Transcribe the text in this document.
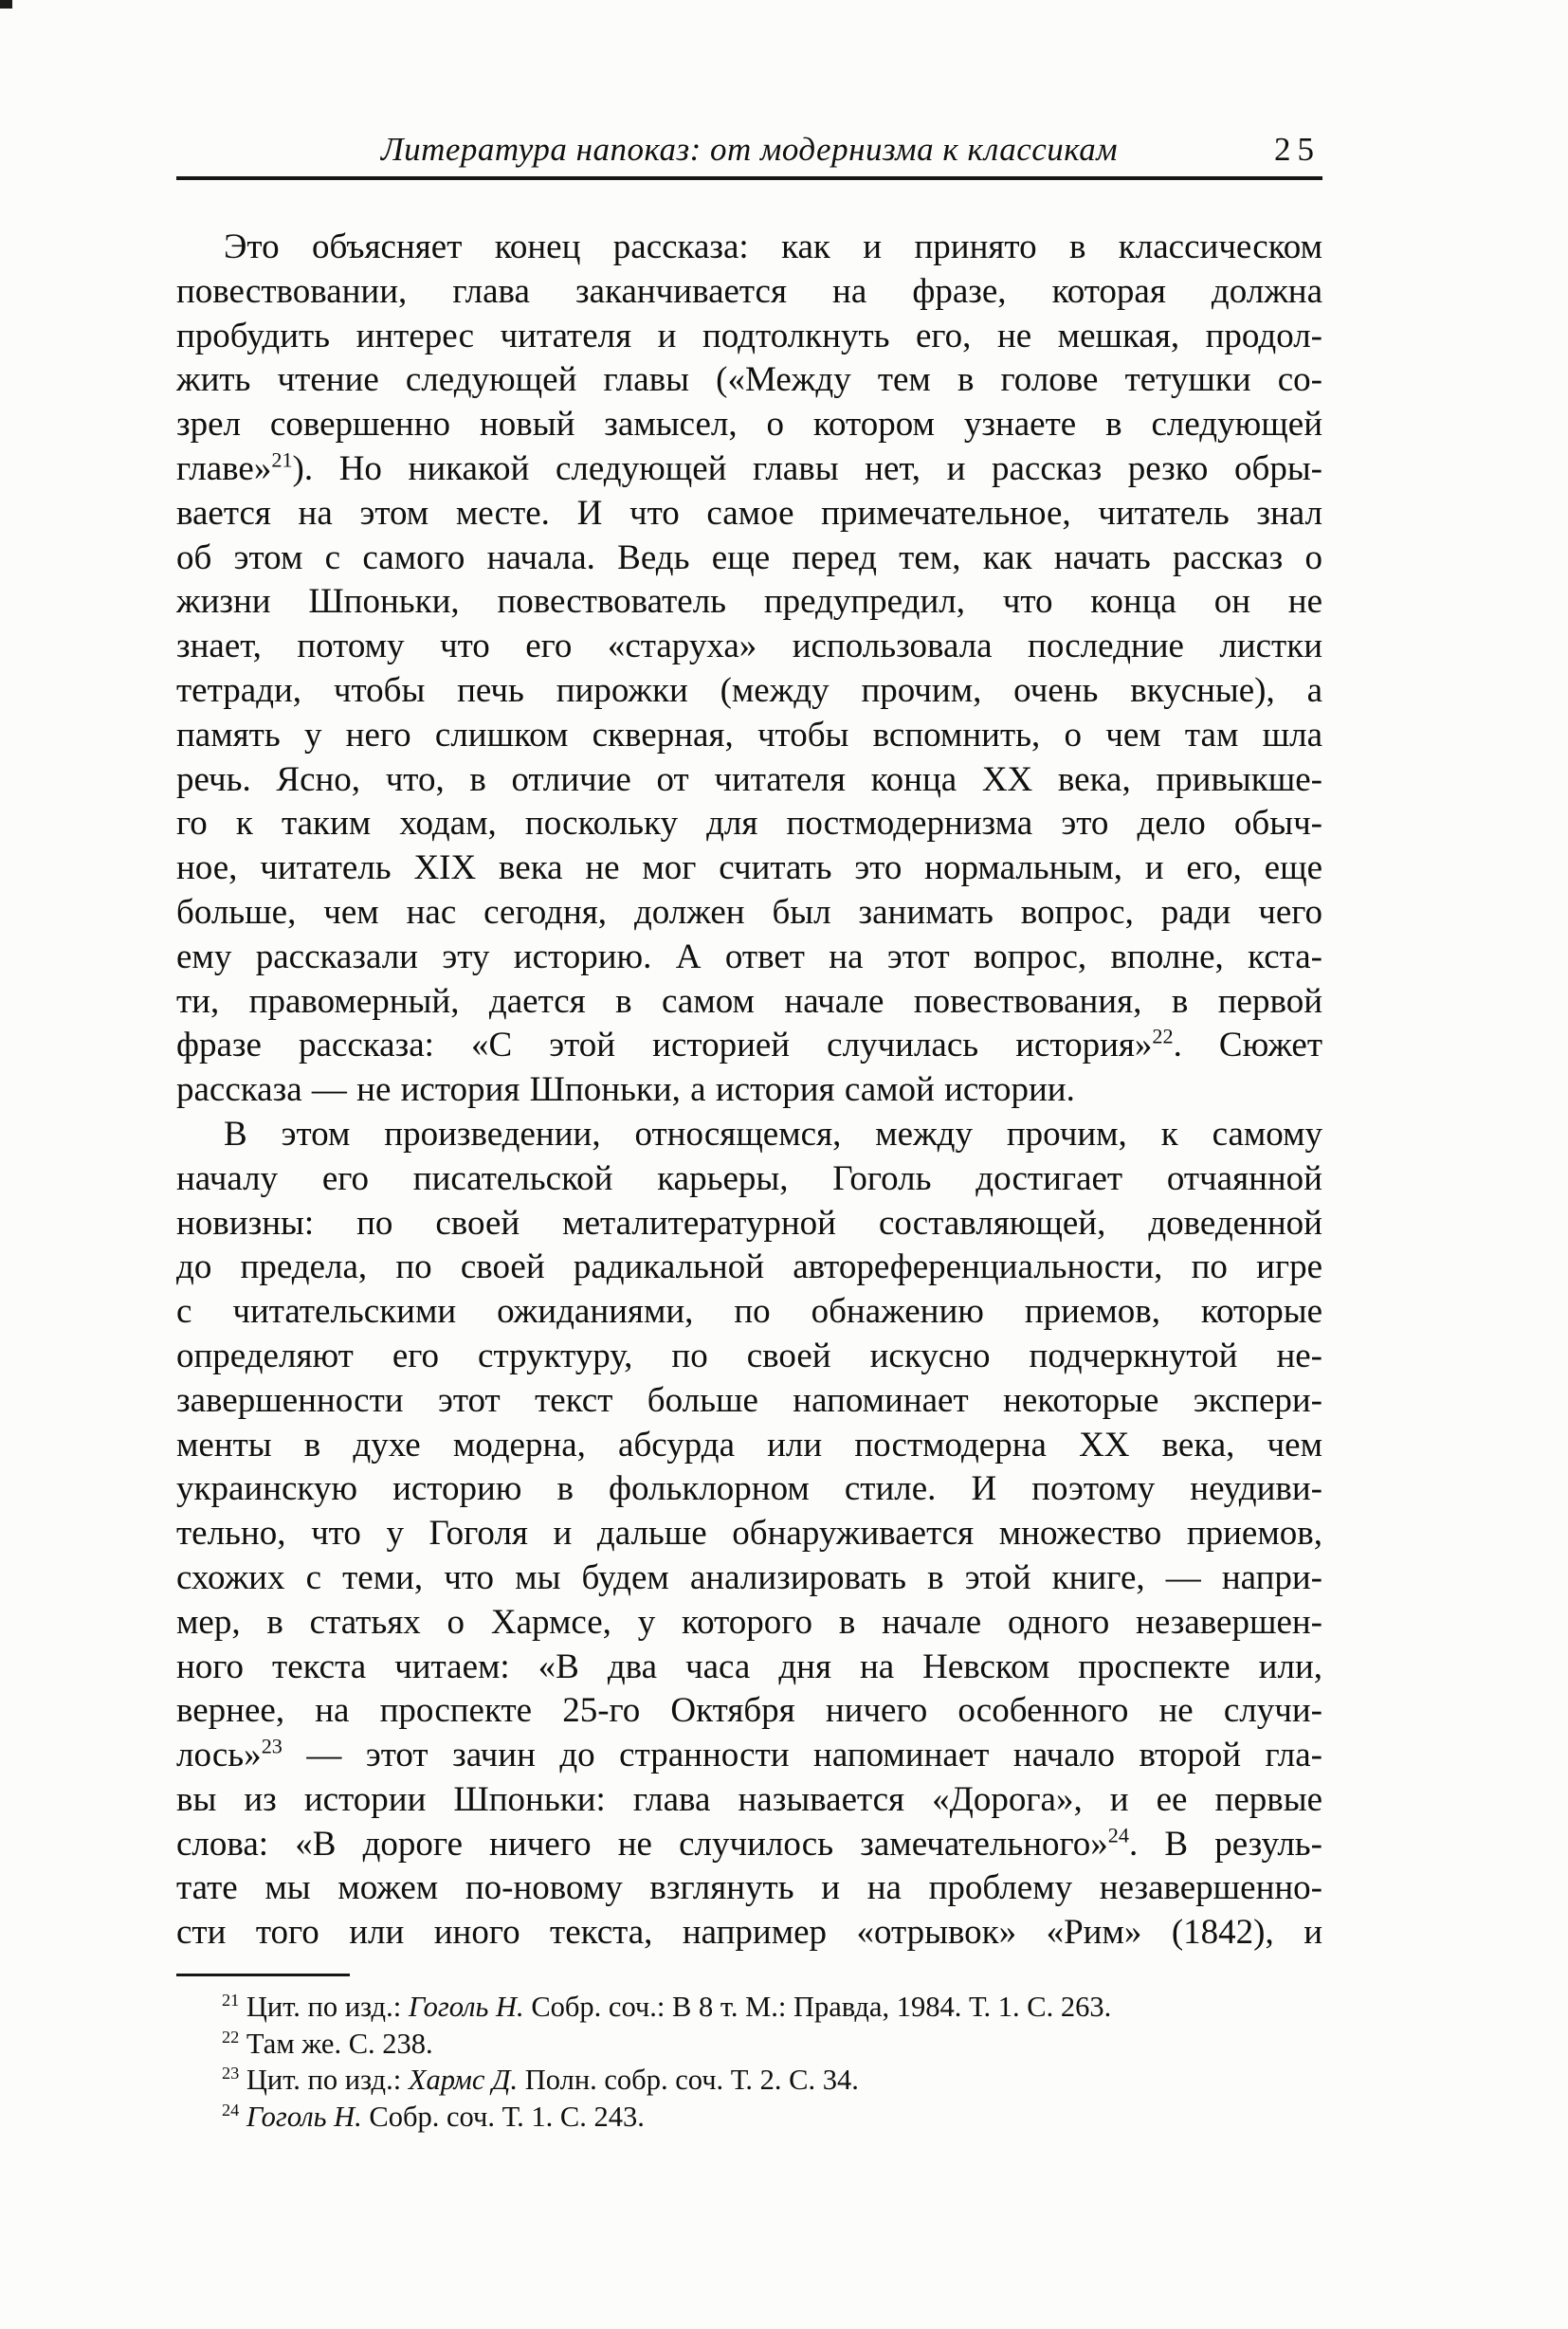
Литература напоказ: от модернизма к классикам	25
Это объясняет конец рассказа: как и принято в классическом
повествовании, глава заканчивается на фразе, которая должна
пробудить интерес читателя и подтолкнуть его, не мешкая, продол-
жить чтение следующей главы («Между тем в голове тетушки со-
зрел совершенно новый замысел, о котором узнаете в следующей
главе»$^{21}$). Но никакой следующей главы нет, и рассказ резко обры-
вается на этом месте. И что самое примечательное, читатель знал
об этом с самого начала. Ведь еще перед тем, как начать рассказ о
жизни Шпоньки, повествователь предупредил, что конца он не
знает, потому что его «старуха» использовала последние листки
тетради, чтобы печь пирожки (между прочим, очень вкусные), а
память у него слишком скверная, чтобы вспомнить, о чем там шла
речь. Ясно, что, в отличие от читателя конца XX века, привыкше-
го к таким ходам, поскольку для постмодернизма это дело обыч-
ное, читатель XIX века не мог считать это нормальным, и его, еще
больше, чем нас сегодня, должен был занимать вопрос, ради чего
ему рассказали эту историю. А ответ на этот вопрос, вполне, кста-
ти, правомерный, дается в самом начале повествования, в первой
фразе рассказа: «С этой историей случилась история»$^{22}$. Сюжет
рассказа — не история Шпоньки, а история самой истории.
В этом произведении, относящемся, между прочим, к самому
началу его писательской карьеры, Гоголь достигает отчаянной
новизны: по своей металитературной составляющей, доведенной
до предела, по своей радикальной автореференциальности, по игре
с читательскими ожиданиями, по обнажению приемов, которые
определяют его структуру, по своей искусно подчеркнутой не-
завершенности этот текст больше напоминает некоторые экспери-
менты в духе модерна, абсурда или постмодерна XX века, чем
украинскую историю в фольклорном стиле. И поэтому неудиви-
тельно, что у Гоголя и дальше обнаруживается множество приемов,
схожих с теми, что мы будем анализировать в этой книге, — напри-
мер, в статьях о Хармсе, у которого в начале одного незавершен-
ного текста читаем: «В два часа дня на Невском проспекте или,
вернее, на проспекте 25-го Октября ничего особенного не случи-
лось»$^{23}$ — этот зачин до странности напоминает начало второй гла-
вы из истории Шпоньки: глава называется «Дорога», и ее первые
слова: «В дороге ничего не случилось замечательного»$^{24}$. В резуль-
тате мы можем по-новому взглянуть и на проблему незавершенно-
сти того или иного текста, например «отрывок» «Рим» (1842), и
$^{21}$ Цит. по изд.: Гоголь Н. Собр. соч.: В 8 т. М.: Правда, 1984. Т. 1. С. 263.
$^{22}$ Там же. С. 238.
$^{23}$ Цит. по изд.: Хармс Д. Полн. собр. соч. Т. 2. С. 34.
$^{24}$ Гоголь Н. Собр. соч. Т. 1. С. 243.
